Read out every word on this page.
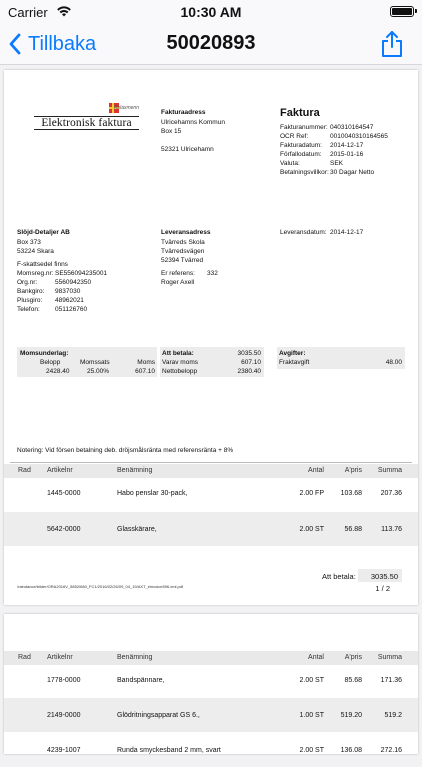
Carrier	10:30 AM
Tillbaka	50020893
Relaxmenn
Elektronisk faktura
Fakturaadress
Ulricehamns Kommun
Box 15
52321 Ulricehamn
Faktura
Fakturanummer: 040310164547
OCR Ref:	0010040310164565
Fakturadatum: 2014-12-17
Förfallodatum: 2015-01-16
Valuta:	SEK
Betalningsvillkor: 30 Dagar Netto
Slöjd-Detaljer AB
Box 373
53224 Skara
F-skattsedel finns
Momsreg.nr: SE556094235001
Org.nr:	5560942350
Bankgiro: 9837030
Plusgiro: 48962021
Telefon: 051126760
Leveransadress
Tvärreds Skola
Tvärredsvägen
52394 Tvärred
Er referens: 332
Roger Axell
Leveransdatum: 2014-12-17
Momsunderlag:
Belopp	Momssats	Moms
2428.40	25.00%	607.10
Att betala:	3035.50
Varav moms	607.10
Nettobelopp	2380.40
Avgifter:
Fraktavgift	48.00
Notering: Vid försen betalning deb. dröjsmålsränta med referensränta + 8%
Rad	Artikelnr	Benämning	Antal	A'pris	Summa
1445-0000	Habo penslar 30-pack,	2.00 FP	103.68	207.36
5642-0000	Glasskärare,	2.00 ST	56.88	113.76
Att betala:	3035.50
/raindance/bilder/ORA2016V_5852/680_FC1/2016/02/26/09_04_19/AXT_einvoice596.xml.pdf	1 / 2
Rad	Artikelnr	Benämning	Antal	A'pris	Summa
1778-0000	Bandspännare,	2.00 ST	85.68	171.36
2149-0000	Glödritningsapparat GS 6.,	1.00 ST	519.20	519.2
4239-1007	Runda smyckesband 2 mm, svart	2.00 ST	136.08	272.16
